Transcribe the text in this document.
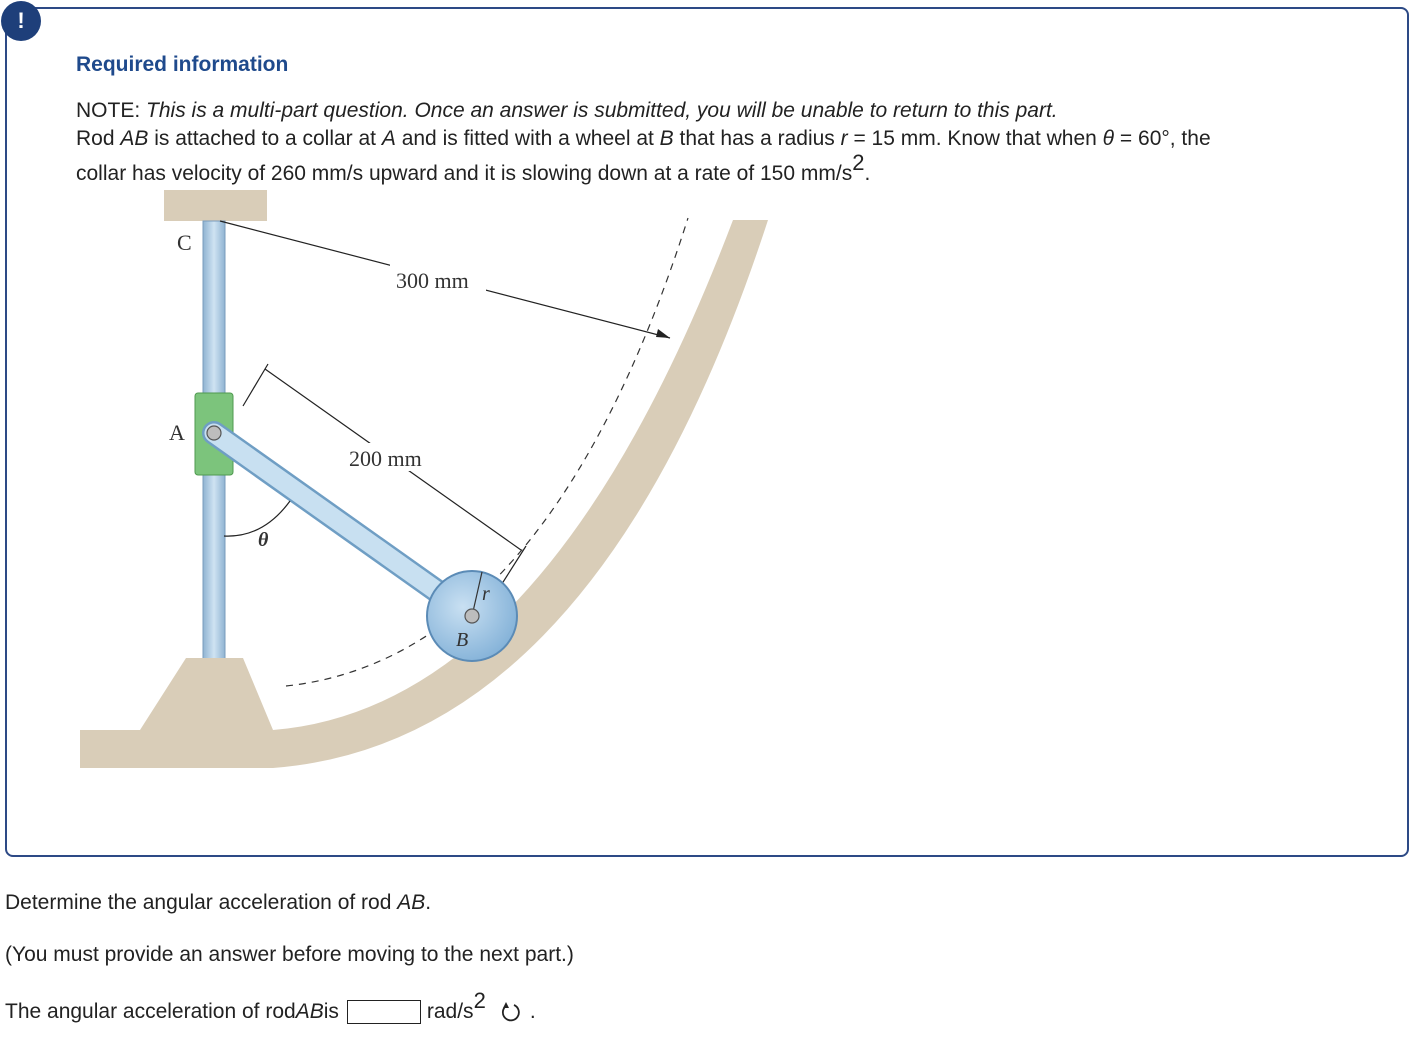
!
Required information
NOTE: This is a multi-part question. Once an answer is submitted, you will be unable to return to this part.
Rod AB is attached to a collar at A and is fitted with a wheel at B that has a radius r = 15 mm. Know that when θ = 60°, the
collar has velocity of 260 mm/s upward and it is slowing down at a rate of 150 $mm/s^2$.
C
A
B
r
θ
300 mm
200 mm
Determine the angular acceleration of rod AB.
(You must provide an answer before moving to the next part.)
The angular acceleration of rod AB is	rad/$s^2$ .
